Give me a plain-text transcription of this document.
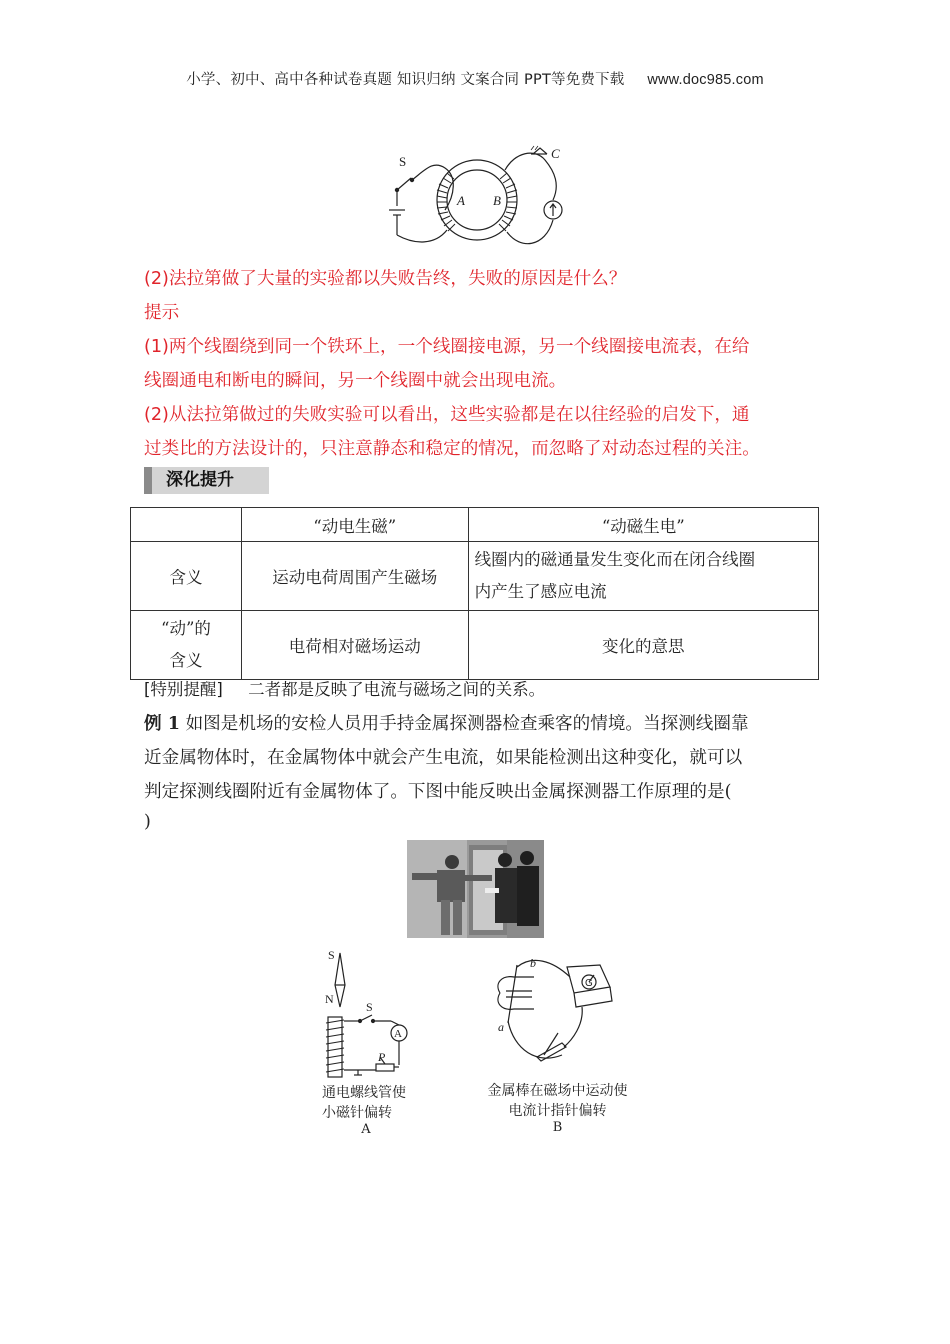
小学、初中、高中各种试卷真题 知识归纳 文案合同 PPT等免费下载 www.doc985.com
S
C
A B
(2)法拉第做了大量的实验都以失败告终，失败的原因是什么？
提示
(1)两个线圈绕到同一个铁环上，一个线圈接电源，另一个线圈接电流表，在给
线圈通电和断电的瞬间，另一个线圈中就会出现电流。
(2)从法拉第做过的失败实验可以看出，这些实验都是在以往经验的启发下，通
过类比的方法设计的，只注意静态和稳定的情况，而忽略了对动态过程的关注。
深化提升
	“动电生磁”	“动磁生电”
含义	运动电荷周围产生磁场	线圈内的磁通量发生变化而在闭合线圈
内产生了感应电流

“动”的
含义	电荷相对磁场运动	变化的意思
[特别提醒] 二者都是反映了电流与磁场之间的关系。
例 1 如图是机场的安检人员用手持金属探测器检查乘客的情境。当探测线圈靠
近金属物体时，在金属物体中就会产生电流，如果能检测出这种变化，就可以
判定探测线圈附近有金属物体了。下图中能反映出金属探测器工作原理的是(
)
S
N
S
A
P
通电螺线管使
小磁针偏转
A
b
a
G
金属棒在磁场中运动使
电流计指针偏转
B
